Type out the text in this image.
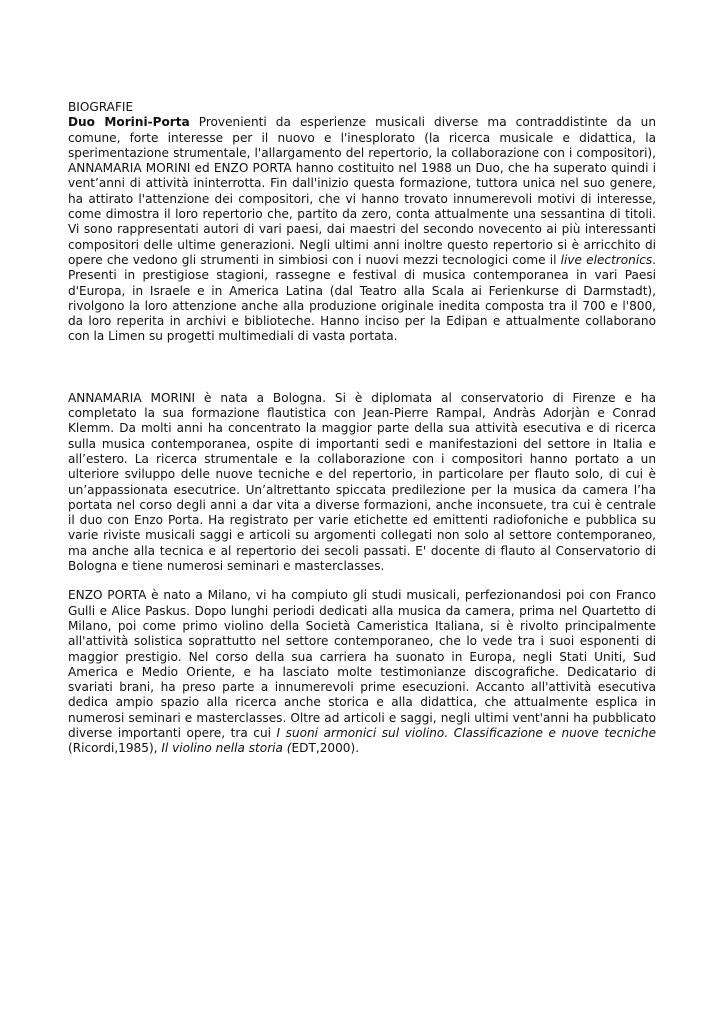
BIOGRAFIE

Duo Morini-Porta Provenienti da esperienze musicali diverse ma contraddistinte da un comune, forte interesse per il nuovo e l'inesplorato (la ricerca musicale e didattica, la sperimentazione strumentale, l'allargamento del repertorio, la collaborazione con i compositori), ANNAMARIA MORINI ed ENZO PORTA hanno costituito nel 1988 un Duo, che ha superato quindi i vent’anni di attività ininterrotta. Fin dall'inizio questa formazione, tuttora unica nel suo genere, ha attirato l'attenzione dei compositori, che vi hanno trovato innumerevoli motivi di interesse, come dimostra il loro repertorio che, partito da zero, conta attualmente una sessantina di titoli. Vi sono rappresentati autori di vari paesi, dai maestri del secondo novecento ai più interessanti compositori delle ultime generazioni. Negli ultimi anni inoltre questo repertorio si è arricchito di opere che vedono gli strumenti in simbiosi con i nuovi mezzi tecnologici come il live electronics. Presenti in prestigiose stagioni, rassegne e festival di musica contemporanea in vari Paesi d'Europa, in Israele e in America Latina (dal Teatro alla Scala ai Ferienkurse di Darmstadt), rivolgono la loro attenzione anche alla produzione originale inedita composta tra il 700 e l'800, da loro reperita in archivi e biblioteche. Hanno inciso per la Edipan e attualmente collaborano con la Limen su progetti multimediali di vasta portata.

ANNAMARIA MORINI è nata a Bologna. Si è diplomata al conservatorio di Firenze e ha completato la sua formazione flautistica con Jean-Pierre Rampal, Andràs Adorjàn e Conrad Klemm. Da molti anni ha concentrato la maggior parte della sua attività esecutiva e di ricerca sulla musica contemporanea, ospite di importanti sedi e manifestazioni del settore in Italia e all’estero. La ricerca strumentale e la collaborazione con i compositori hanno portato a un ulteriore sviluppo delle nuove tecniche e del repertorio, in particolare per flauto solo, di cui è un’appassionata esecutrice. Un’altrettanto spiccata predilezione per la musica da camera l’ha portata nel corso degli anni a dar vita a diverse formazioni, anche inconsuete, tra cui è centrale il duo con Enzo Porta. Ha registrato per varie etichette ed emittenti radiofoniche e pubblica su varie riviste musicali saggi e articoli su argomenti collegati non solo al settore contemporaneo, ma anche alla tecnica e al repertorio dei secoli passati. E' docente di flauto al Conservatorio di Bologna e tiene numerosi seminari e masterclasses.

ENZO PORTA è nato a Milano, vi ha compiuto gli studi musicali, perfezionandosi poi con Franco Gulli e Alice Paskus. Dopo lunghi periodi dedicati alla musica da camera, prima nel Quartetto di Milano, poi come primo violino della Società Cameristica Italiana, si è rivolto principalmente all'attività solistica soprattutto nel settore contemporaneo, che lo vede tra i suoi esponenti di maggior prestigio. Nel corso della sua carriera ha suonato in Europa, negli Stati Uniti, Sud America e Medio Oriente, e ha lasciato molte testimonianze discografiche. Dedicatario di svariati brani, ha preso parte a innumerevoli prime esecuzioni. Accanto all'attività esecutiva dedica ampio spazio alla ricerca anche storica e alla didattica, che attualmente esplica in numerosi seminari e masterclasses. Oltre ad articoli e saggi, negli ultimi vent'anni ha pubblicato diverse importanti opere, tra cui I suoni armonici sul violino. Classificazione e nuove tecniche (Ricordi,1985), Il violino nella storia (EDT,2000).
